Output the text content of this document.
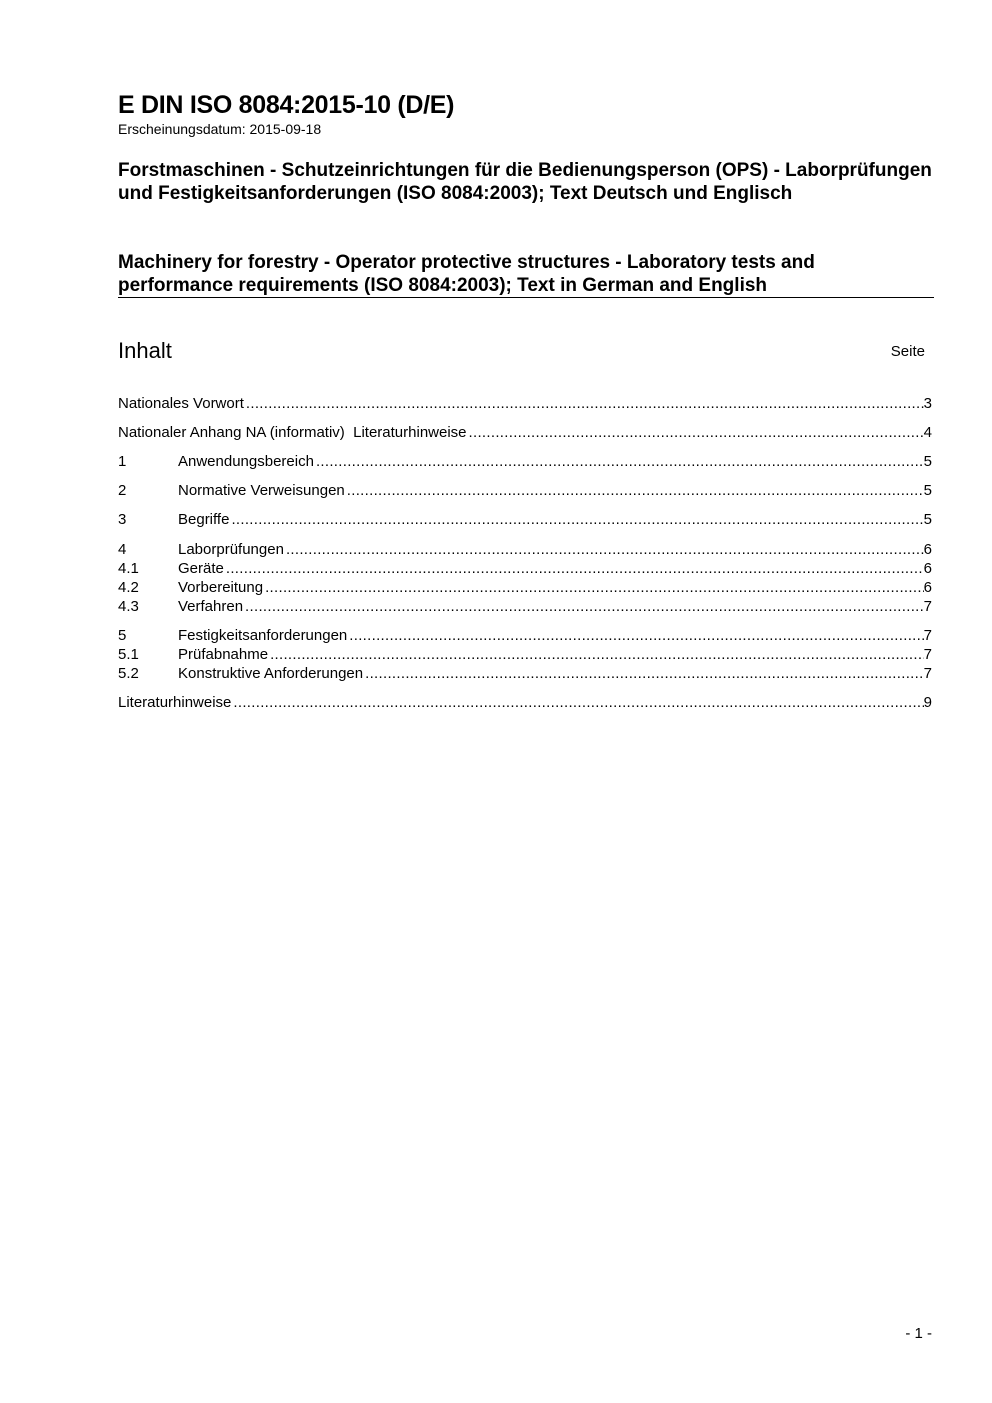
E DIN ISO 8084:2015-10 (D/E)
Erscheinungsdatum: 2015-09-18
Forstmaschinen - Schutzeinrichtungen für die Bedienungsperson (OPS) - Laborprüfungen und Festigkeitsanforderungen (ISO 8084:2003); Text Deutsch und Englisch
Machinery for forestry - Operator protective structures - Laboratory tests and performance requirements (ISO 8084:2003); Text in German and English
Inhalt	Seite
Nationales Vorwort .....	3
Nationaler Anhang NA (informativ)  Literaturhinweise .....	4
1	Anwendungsbereich .....	5
2	Normative Verweisungen .....	5
3	Begriffe .....	5
4	Laborprüfungen .....	6
4.1	Geräte .....	6
4.2	Vorbereitung .....	6
4.3	Verfahren .....	7
5	Festigkeitsanforderungen .....	7
5.1	Prüfabnahme .....	7
5.2	Konstruktive Anforderungen .....	7
Literaturhinweise .....	9
- 1 -
